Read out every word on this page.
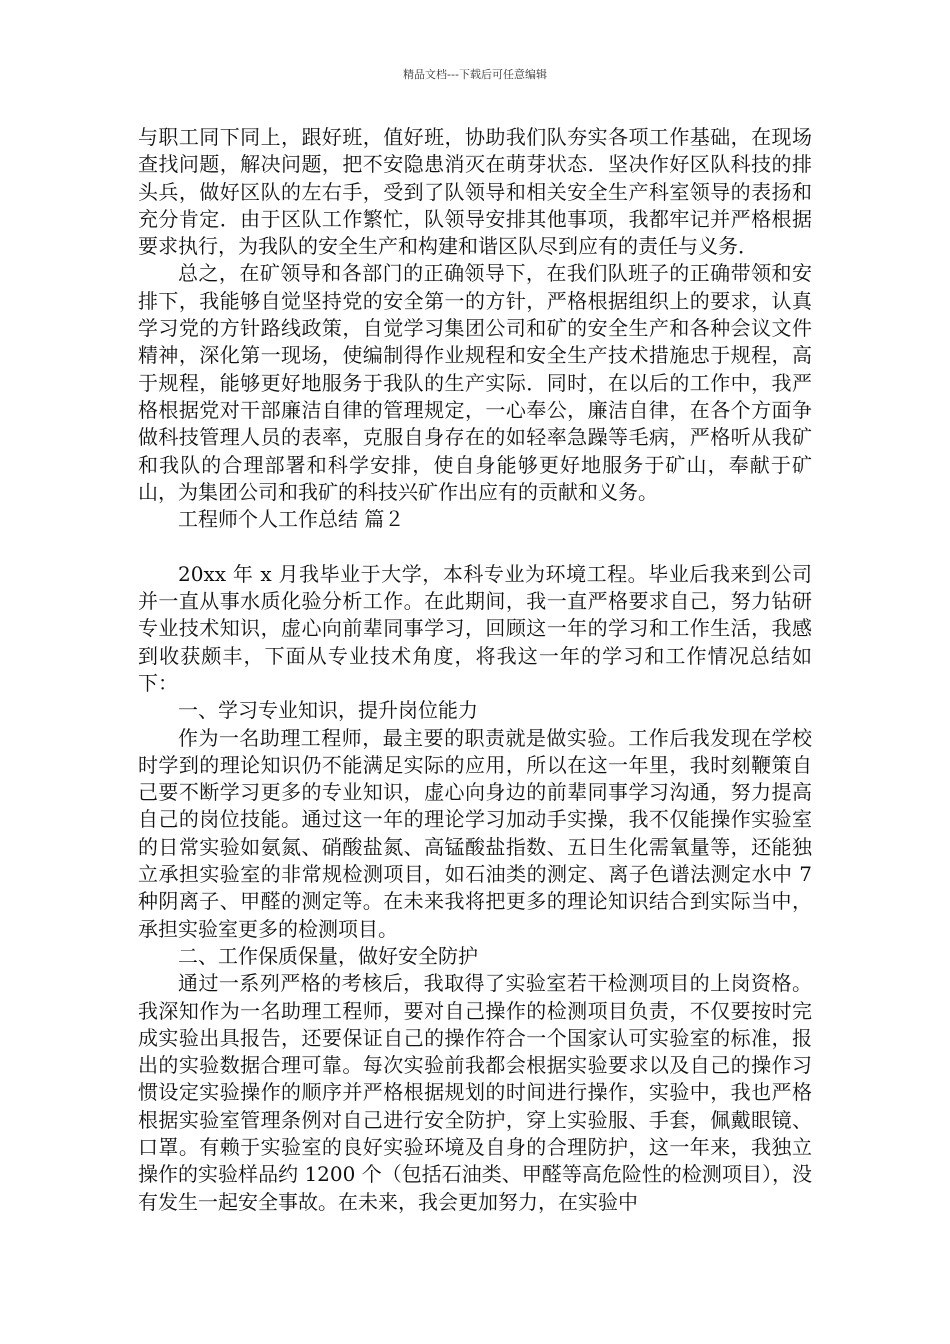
精品文档---下载后可任意编辑

与职工同下同上，跟好班，值好班，协助我们队夯实各项工作基础，在现场查找问题，解决问题，把不安隐患消灭在萌芽状态．坚决作好区队科技的排头兵，做好区队的左右手，受到了队领导和相关安全生产科室领导的表扬和充分肯定．由于区队工作繁忙，队领导安排其他事项，我都牢记并严格根据要求执行，为我队的安全生产和构建和谐区队尽到应有的责任与义务．

总之，在矿领导和各部门的正确领导下，在我们队班子的正确带领和安排下，我能够自觉坚持党的安全第一的方针，严格根据组织上的要求，认真学习党的方针路线政策，自觉学习集团公司和矿的安全生产和各种会议文件精神，深化第一现场，使编制得作业规程和安全生产技术措施忠于规程，高于规程，能够更好地服务于我队的生产实际．同时，在以后的工作中，我严格根据党对干部廉洁自律的管理规定，一心奉公，廉洁自律，在各个方面争做科技管理人员的表率，克服自身存在的如轻率急躁等毛病，严格听从我矿和我队的合理部署和科学安排，使自身能够更好地服务于矿山，奉献于矿山，为集团公司和我矿的科技兴矿作出应有的贡献和义务。

工程师个人工作总结 篇２

20xx 年 x 月我毕业于大学，本科专业为环境工程。毕业后我来到公司并一直从事水质化验分析工作。在此期间，我一直严格要求自己，努力钻研专业技术知识，虚心向前辈同事学习，回顾这一年的学习和工作生活，我感到收获颇丰，下面从专业技术角度，将我这一年的学习和工作情况总结如下：

一、学习专业知识，提升岗位能力

作为一名助理工程师，最主要的职责就是做实验。工作后我发现在学校时学到的理论知识仍不能满足实际的应用，所以在这一年里，我时刻鞭策自己要不断学习更多的专业知识，虚心向身边的前辈同事学习沟通，努力提高自己的岗位技能。通过这一年的理论学习加动手实操，我不仅能操作实验室的日常实验如氨氮、硝酸盐氮、高锰酸盐指数、五日生化需氧量等，还能独立承担实验室的非常规检测项目，如石油类的测定、离子色谱法测定水中 7 种阴离子、甲醛的测定等。在未来我将把更多的理论知识结合到实际当中，承担实验室更多的检测项目。

二、工作保质保量，做好安全防护

通过一系列严格的考核后，我取得了实验室若干检测项目的上岗资格。我深知作为一名助理工程师，要对自己操作的检测项目负责，不仅要按时完成实验出具报告，还要保证自己的操作符合一个国家认可实验室的标准，报出的实验数据合理可靠。每次实验前我都会根据实验要求以及自己的操作习惯设定实验操作的顺序并严格根据规划的时间进行操作，实验中，我也严格根据实验室管理条例对自己进行安全防护，穿上实验服、手套，佩戴眼镜、口罩。有赖于实验室的良好实验环境及自身的合理防护，这一年来，我独立操作的实验样品约 1200 个（包括石油类、甲醛等高危险性的检测项目），没有发生一起安全事故。在未来，我会更加努力，在实验中
